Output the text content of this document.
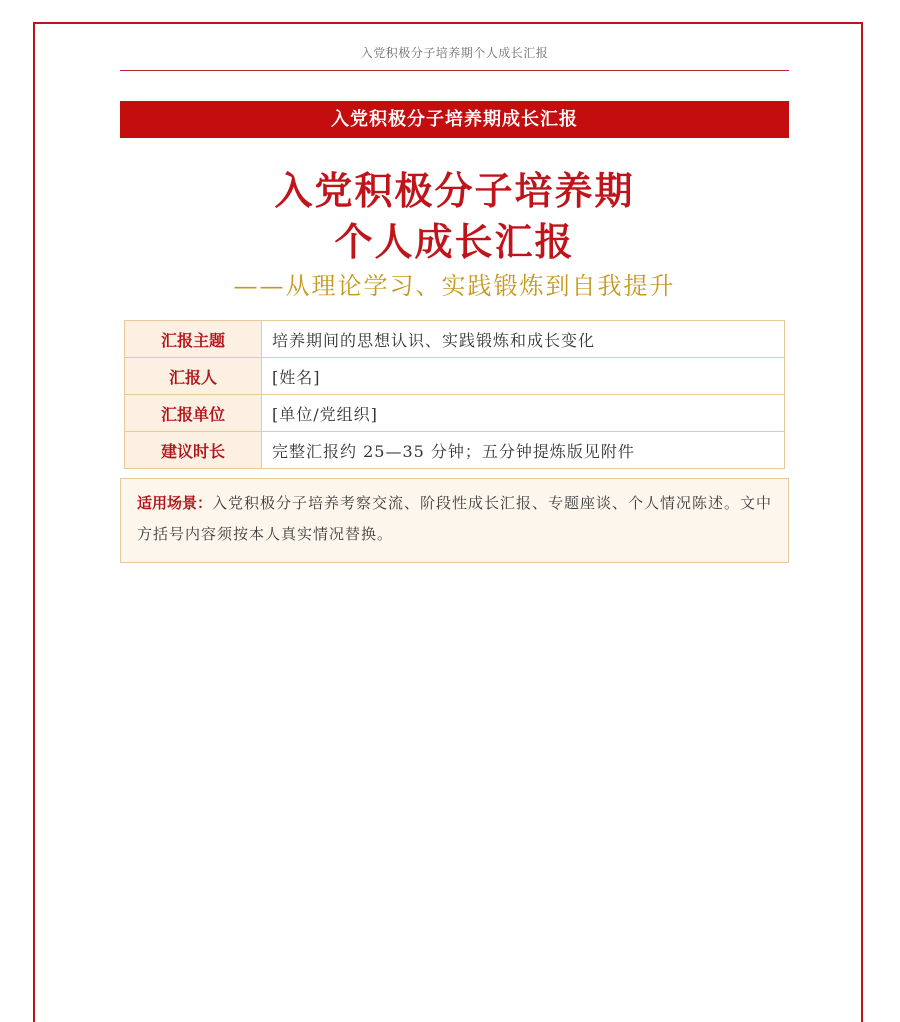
入党积极分子培养期个人成长汇报
入党积极分子培养期成长汇报
入党积极分子培养期
个人成长汇报
——从理论学习、实践锻炼到自我提升
汇报主题	培养期间的思想认识、实践锻炼和成长变化
汇报人	[姓名]
汇报单位	[单位/党组织]
建议时长	完整汇报约 25—35 分钟；五分钟提炼版见附件
适用场景：入党积极分子培养考察交流、阶段性成长汇报、专题座谈、个人情况陈述。文中方括号内容须按本人真实情况替换。
